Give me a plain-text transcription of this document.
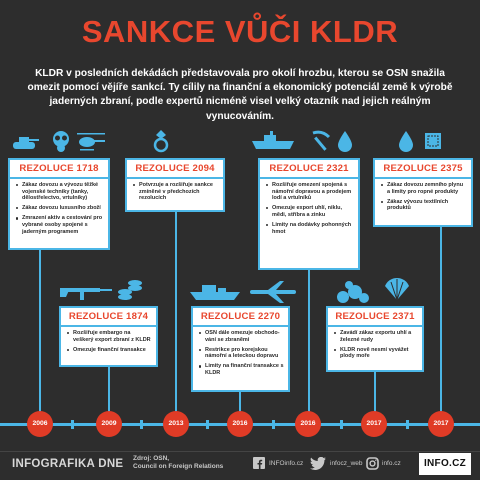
SANKCE VŮČI KLDR
KLDR v posledních dekádách představovala pro okolí hrozbu, kterou se OSN snažila omezit pomocí vějíře sankcí. Ty cílily na finanční a ekonomický potenciál země k výrobě jaderných zbraní, podle expertů nicméně visel velký otazník nad jejich reálným vynucováním.
REZOLUCE 1718
Zákaz dovozu a vývozu těžké vojenské techniky (tanky, dělostřelectvo, vrtulníky)
Zákaz dovozu luxusního zboží
Zmrazení aktiv a cestování pro vybrané osoby spojené s jaderným programem
REZOLUCE 2094
Potvrzuje a rozšiřuje sankce zmíněné v předchozích rezolucích
REZOLUCE 2321
Rozšiřuje omezení spojená s námořní dopravou a prodejem lodí a vrtulníků
Omezuje export uhlí, niklu, mědi, stříbra a zinku
Limity na dodávky pohonných hmot
REZOLUCE 2375
Zákaz dovozu zemního plynu a limity pro ropné produkty
Zákaz vývozu textilních produktů
REZOLUCE 1874
Rozšiřuje embargo na veškerý export zbraní z KLDR
Omezuje finanční transakce
REZOLUCE 2270
OSN dále omezuje obchodo-vání se zbraněmi
Restrikce pro korejskou námořní a leteckou dopravu
Limity na finanční transakce s KLDR
REZOLUCE 2371
Zavádí zákaz exportu uhlí a železné rudy
KLDR nově nesmí vyvážet plody moře
2006	2009	2013	2016	2016	2017	2017
INFOGRAFIKA DNE Zdroj: OSN,
Council on Foreign Relations	INFOinfo.cz	infocz_web	info.cz	INFO.CZ
